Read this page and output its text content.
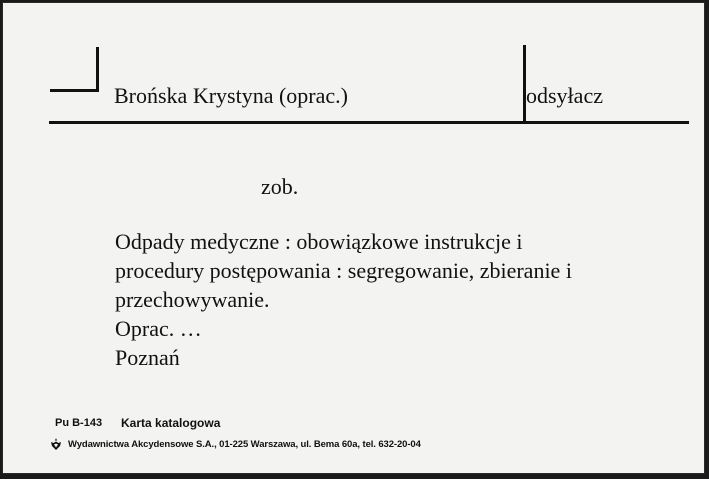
Brońska Krystyna (oprac.)	odsyłacz
zob.
Odpady medyczne : obowiązkowe instrukcje i
procedury postępowania : segregowanie, zbieranie i
przechowywanie.
Oprac. …
Poznań
Pu B-143 Karta katalogowa
Wydawnictwa Akcydensowe S.A., 01-225 Warszawa, ul. Bema 60a, tel. 632-20-04
